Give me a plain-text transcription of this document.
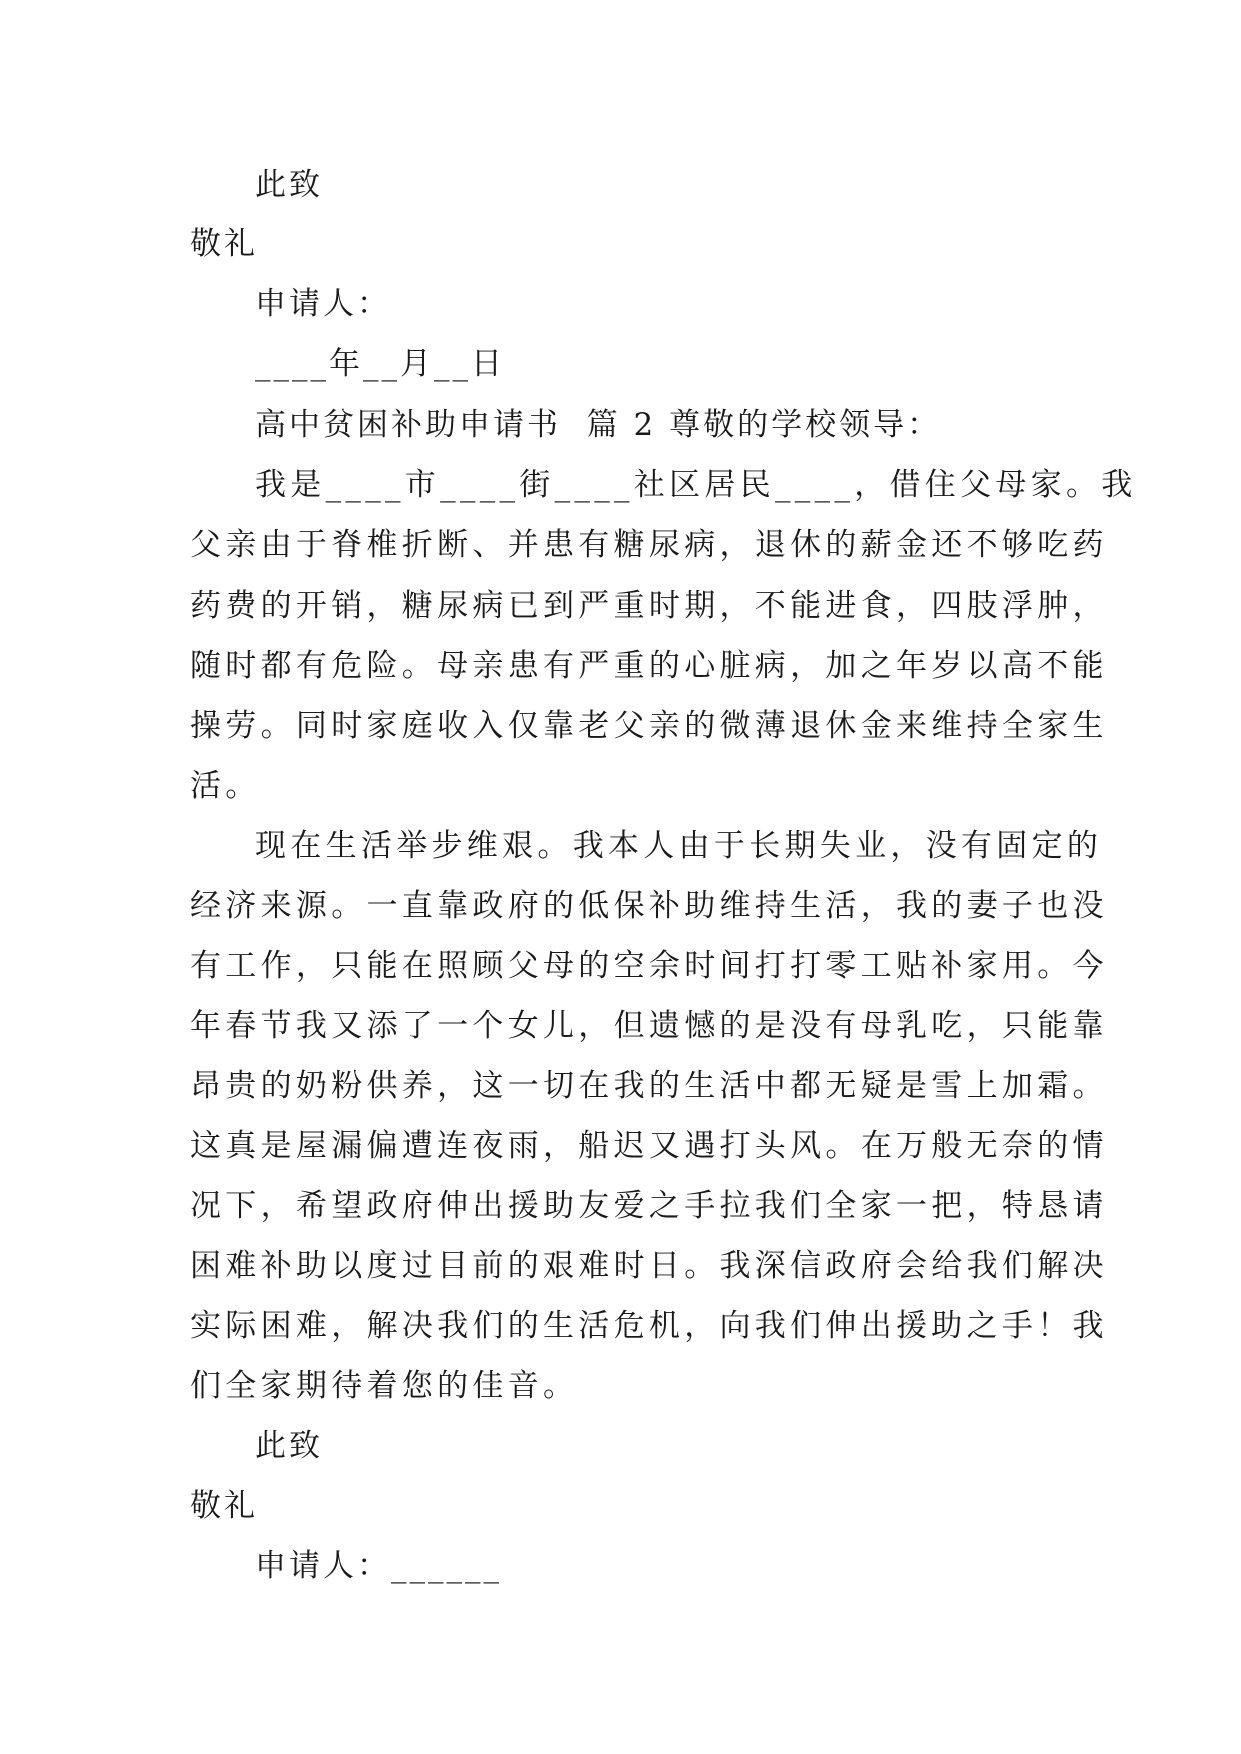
此致
敬礼
申请人：
____年__月__日
高中贫困补助申请书  篇 2 尊敬的学校领导：
我是____市____街____社区居民____，借住父母家。我
父亲由于脊椎折断、并患有糖尿病，退休的薪金还不够吃药
药费的开销，糖尿病已到严重时期，不能进食，四肢浮肿，
随时都有危险。母亲患有严重的心脏病，加之年岁以高不能
操劳。同时家庭收入仅靠老父亲的微薄退休金来维持全家生
活。
现在生活举步维艰。我本人由于长期失业，没有固定的
经济来源。一直靠政府的低保补助维持生活，我的妻子也没
有工作，只能在照顾父母的空余时间打打零工贴补家用。今
年春节我又添了一个女儿，但遗憾的是没有母乳吃，只能靠
昂贵的奶粉供养，这一切在我的生活中都无疑是雪上加霜。
这真是屋漏偏遭连夜雨，船迟又遇打头风。在万般无奈的情
况下，希望政府伸出援助友爱之手拉我们全家一把，特恳请
困难补助以度过目前的艰难时日。我深信政府会给我们解决
实际困难，解决我们的生活危机，向我们伸出援助之手！我
们全家期待着您的佳音。
此致
敬礼
申请人：______
